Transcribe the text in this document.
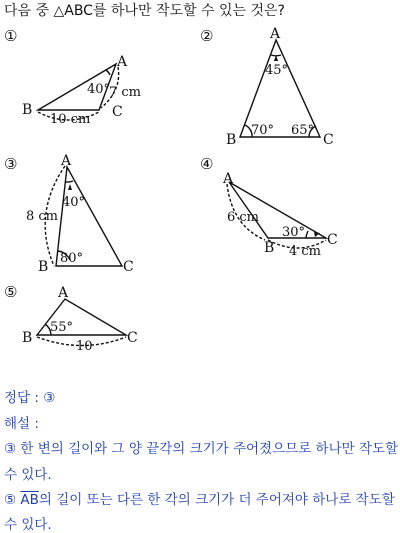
다음 중 △ABC를 하나만 작도할 수 있는 것은?
①	②
③	④
⑤
A
B	C
40°
7 cm
10 cm
A
B	C
45°
70° 65°
A
B	C
40°
80°
8 cm
A
B	C
30°
6 cm
4 cm
A
B	C
55°
10
정답 : ③
해설 :
③ 한 변의 길이와 그 양 끝각의 크기가 주어졌으므로 하나만 작도할
수 있다.
⑤ $\overline{AB}$의 길이 또는 다른 한 각의 크기가 더 주어져야 하나로 작도할
수 있다.
